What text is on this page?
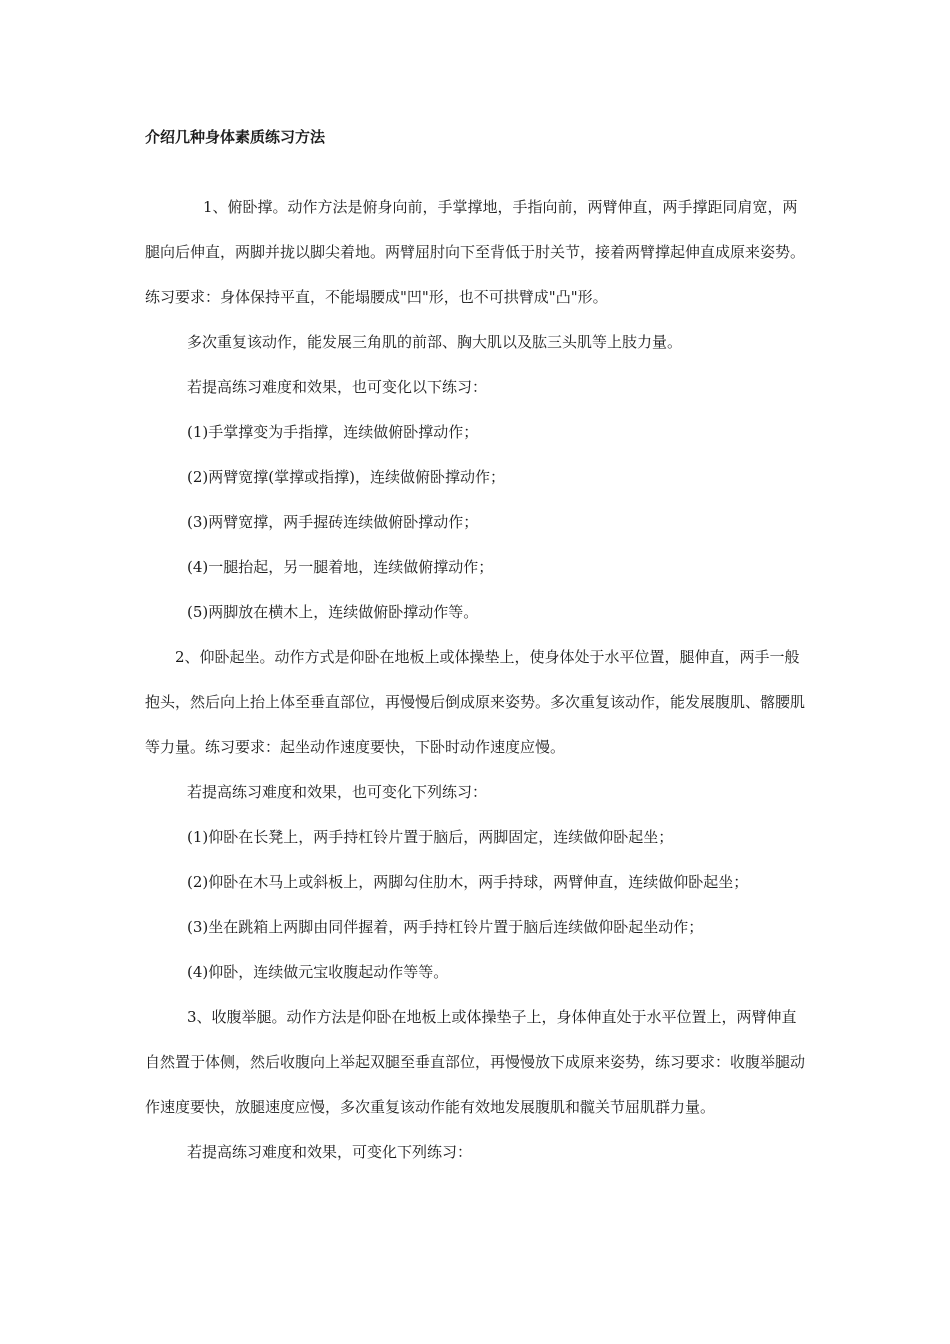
介绍几种身体素质练习方法

1、俯卧撑。动作方法是俯身向前，手掌撑地，手指向前，两臂伸直，两手撑距同肩宽，两腿向后伸直，两脚并拢以脚尖着地。两臂屈肘向下至背低于肘关节，接着两臂撑起伸直成原来姿势。练习要求：身体保持平直，不能塌腰成"凹"形，也不可拱臂成"凸"形。

多次重复该动作，能发展三角肌的前部、胸大肌以及肱三头肌等上肢力量。

若提高练习难度和效果，也可变化以下练习：

(1)手掌撑变为手指撑，连续做俯卧撑动作；

(2)两臂宽撑(掌撑或指撑)，连续做俯卧撑动作；

(3)两臂宽撑，两手握砖连续做俯卧撑动作；

(4)一腿抬起，另一腿着地，连续做俯撑动作；

(5)两脚放在横木上，连续做俯卧撑动作等。

2、仰卧起坐。动作方式是仰卧在地板上或体操垫上，使身体处于水平位置，腿伸直，两手一般抱头，然后向上抬上体至垂直部位，再慢慢后倒成原来姿势。多次重复该动作，能发展腹肌、髂腰肌等力量。练习要求：起坐动作速度要快，下卧时动作速度应慢。

若提高练习难度和效果，也可变化下列练习：

(1)仰卧在长凳上，两手持杠铃片置于脑后，两脚固定，连续做仰卧起坐；

(2)仰卧在木马上或斜板上，两脚勾住肋木，两手持球，两臂伸直，连续做仰卧起坐；

(3)坐在跳箱上两脚由同伴握着，两手持杠铃片置于脑后连续做仰卧起坐动作；

(4)仰卧，连续做元宝收腹起动作等等。

3、收腹举腿。动作方法是仰卧在地板上或体操垫子上，身体伸直处于水平位置上，两臂伸直自然置于体侧，然后收腹向上举起双腿至垂直部位，再慢慢放下成原来姿势，练习要求：收腹举腿动作速度要快，放腿速度应慢，多次重复该动作能有效地发展腹肌和髋关节屈肌群力量。

若提高练习难度和效果，可变化下列练习：
